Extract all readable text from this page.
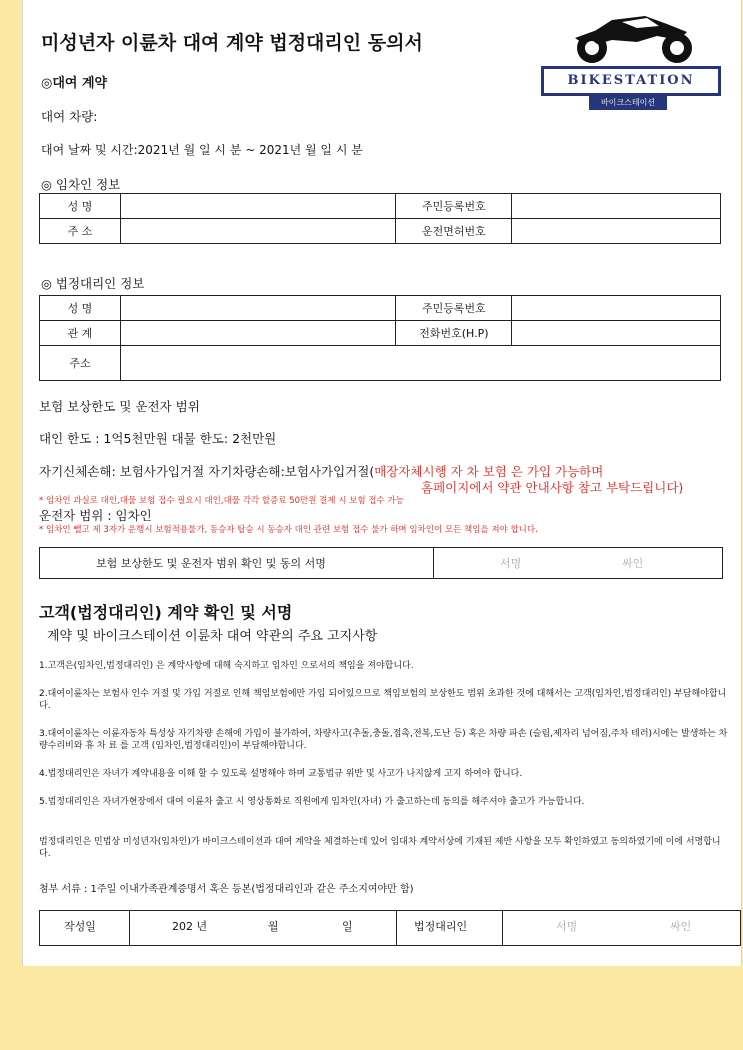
미성년자 이륜차 대여 계약 법정대리인 동의서
BIKESTATION
바이크스테이션
◎대여 계약
대여 차량:
대여 날짜 및 시간:2021년 월 일 시 분 ~ 2021년 월 일 시 분
◎ 임차인 정보
성 명		주민등록번호	
주 소		운전면허번호	
◎ 법정대리인 정보
성 명		주민등록번호	
관 계		전화번호(H.P)	
주소			
보험 보상한도 및 운전자 범위
대인 한도 : 1억5천만원 대물 한도: 2천만원
자기신체손해: 보험사가입거절 자기차량손해:보험사가입거절(매장자체시행 자 차 보험 은 가입 가능하며
홈페이지에서 약관 안내사항 참고 부탁드립니다)
* 임차인 과실로 대인,대물 보험 접수 필요시 대인,대물 각각 할증료 50만원 결제 시 보험 접수 가능
운전자 범위 : 임차인
* 임차인 뺄고 제 3자가 운행시 보험적용불가, 동승자 탑승 시 동승자 대인 관련 보험 접수 불가 하며 임차인이 모든 책임을 져야 합니다.
보험 보상한도 및 운전자 범위 확인 및 동의 서명	서명	싸인
고객(법정대리인) 계약 확인 및 서명
계약 및 바이크스테이션 이륜차 대여 약관의 주요 고지사항
1.고객은(임차인,법정대리인) 은 계약사항에 대해 숙지하고 임차인 으로서의 책임을 져야합니다.
2.대여이륜차는 보험사 인수 거절 및 가입 거절로 인해 책임보험에만 가입 되어있으므로 책임보험의 보상한도 범위 초과한 것에 대해서는 고객(임차인,법정대리인) 부담해야합니다.
3.대여이륜차는 이륜자동차 특성상 자기차량 손해에 가입이 불가하여, 차량사고(추돌,충돌,접촉,전복,도난 등) 혹은 차량 파손 (슬림,제자리 넘어짐,주차 테러)시에는 발생하는 차량수리비와 휴 차 료 를 고객 (임차인,법정대리인)이 부담해야합니다.
4.법정대리인은 자녀가 계약내용을 이해 할 수 있도록 설명해야 하며 교통법규 위반 및 사고가 나지않게 고지 하여야 합니다.
5.법정대리인은 자녀가현장에서 대여 이륜차 출고 시 영상통화로 직원에게 임차인(자녀) 가 출고하는데 동의를 해주셔야 출고가 가능합니다.
법정대리인은 민법상 미성년자(임차인)가 바이크스테이션과 대여 계약을 체결하는데 있어 임대차 계약서상에 기재된 제반 사항을 모두 확인하였고 동의하였기에 이에 서명합니다.
첨부 서류 : 1주일 이내가족관계증명서 혹은 등본(법정대리인과 같은 주소지여야만 함)
작성일	202 년	월	일	법정대리인	서명	싸인
